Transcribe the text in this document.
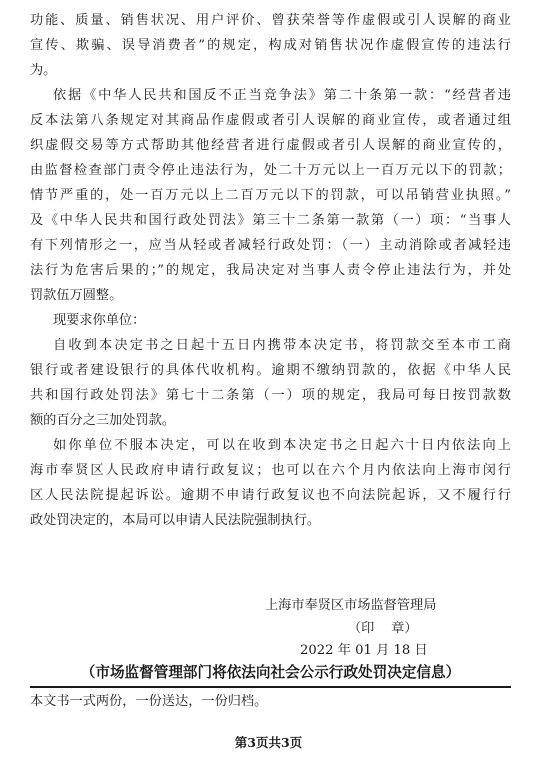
功能、质量、销售状况、用户评价、曾获荣誉等作虚假或引人误解的商业
宣传、欺骗、误导消费者”的规定，构成对销售状况作虚假宣传的违法行
为。
依据《中华人民共和国反不正当竞争法》第二十条第一款：“经营者违
反本法第八条规定对其商品作虚假或者引人误解的商业宣传，或者通过组
织虚假交易等方式帮助其他经营者进行虚假或者引人误解的商业宣传的，
由监督检查部门责令停止违法行为，处二十万元以上一百万元以下的罚款；
情节严重的，处一百万元以上二百万元以下的罚款，可以吊销营业执照。”
及《中华人民共和国行政处罚法》第三十二条第一款第（一）项：“当事人
有下列情形之一，应当从轻或者减轻行政处罚：（一）主动消除或者减轻违
法行为危害后果的；”的规定，我局决定对当事人责令停止违法行为，并处
罚款伍万圆整。
现要求你单位：
自收到本决定书之日起十五日内携带本决定书，将罚款交至本市工商
银行或者建设银行的具体代收机构。逾期不缴纳罚款的，依据《中华人民
共和国行政处罚法》第七十二条第（一）项的规定，我局可每日按罚款数
额的百分之三加处罚款。
如你单位不服本决定，可以在收到本决定书之日起六十日内依法向上
海市奉贤区人民政府申请行政复议；也可以在六个月内依法向上海市闵行
区人民法院提起诉讼。逾期不申请行政复议也不向法院起诉，又不履行行
政处罚决定的，本局可以申请人民法院强制执行。
上海市奉贤区市场监督管理局
（印    章）
2022 年 01 月 18 日
（市场监督管理部门将依法向社会公示行政处罚决定信息）
本文书一式两份，一份送达，一份归档。
第3页共3页
